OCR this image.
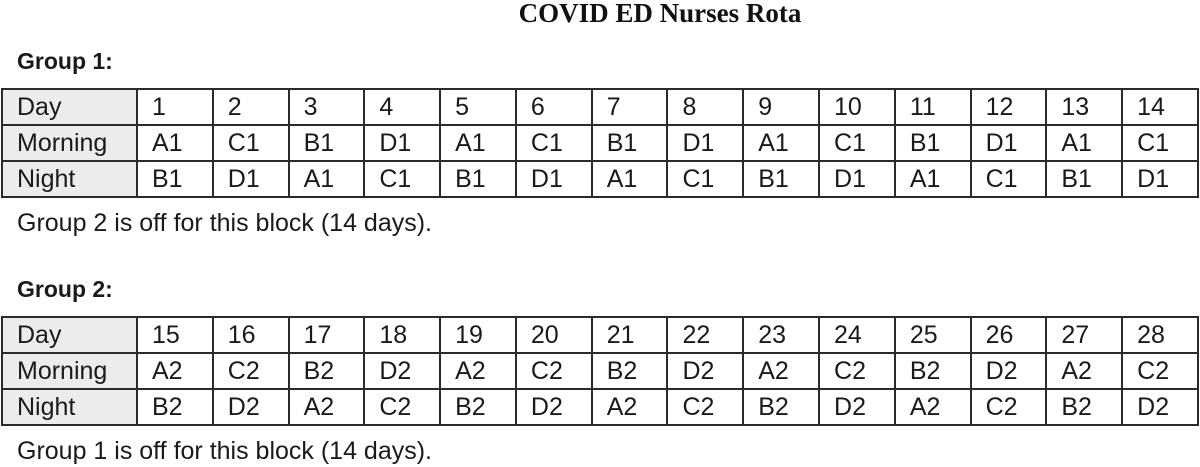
COVID ED Nurses Rota
Group 1:
Day	1	2	3	4	5	6	7	8	9	10	11	12	13	14
Morning	A1	C1	B1	D1	A1	C1	B1	D1	A1	C1	B1	D1	A1	C1
Night	B1	D1	A1	C1	B1	D1	A1	C1	B1	D1	A1	C1	B1	D1
Group 2 is off for this block (14 days).
Group 2:
Day	15	16	17	18	19	20	21	22	23	24	25	26	27	28
Morning	A2	C2	B2	D2	A2	C2	B2	D2	A2	C2	B2	D2	A2	C2
Night	B2	D2	A2	C2	B2	D2	A2	C2	B2	D2	A2	C2	B2	D2
Group 1 is off for this block (14 days).
